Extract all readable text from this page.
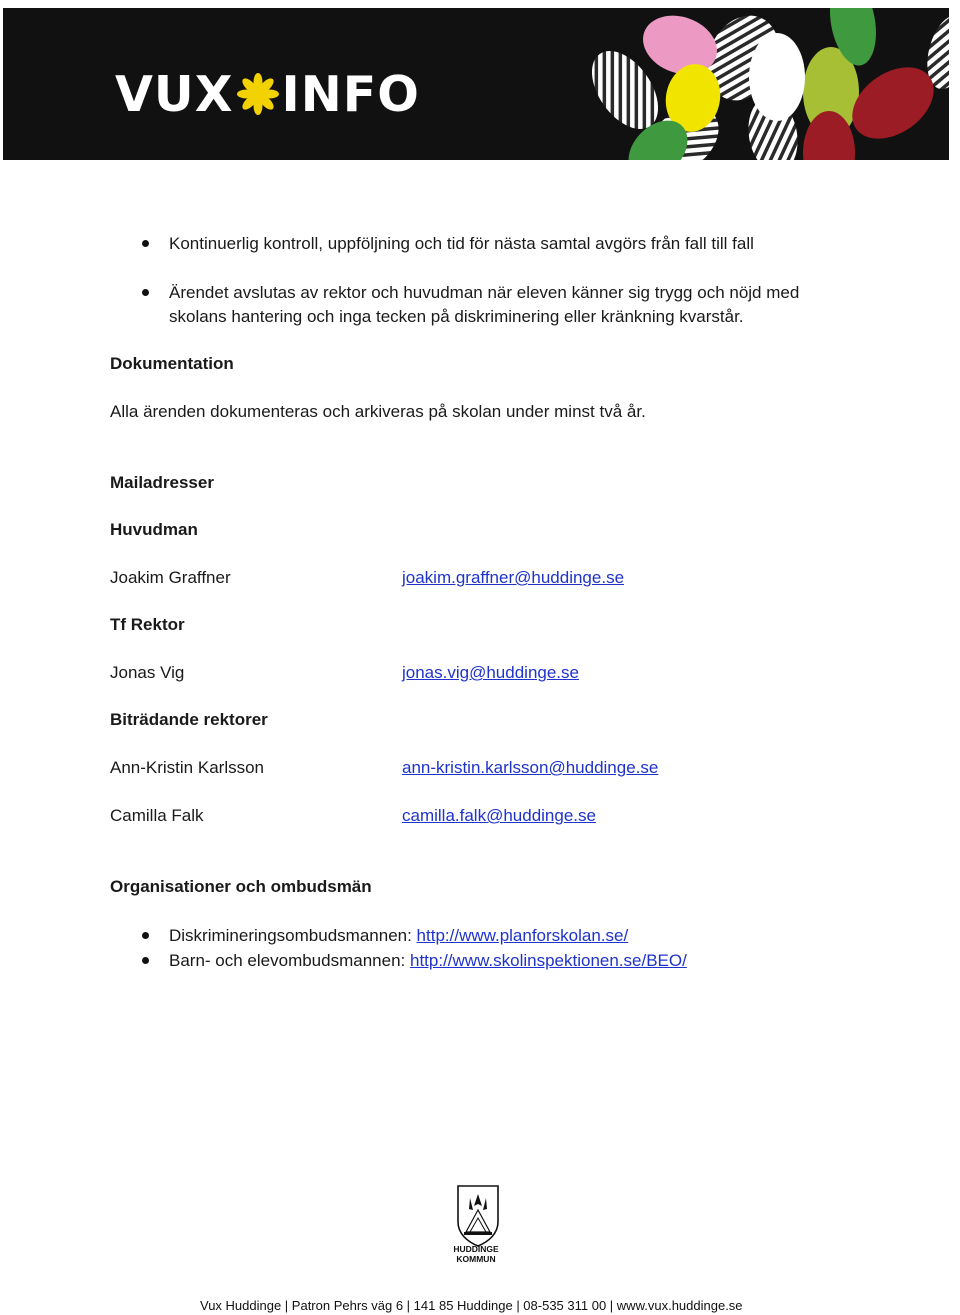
VUX INFO
Kontinuerlig kontroll, uppföljning och tid för nästa samtal avgörs från fall till fall
Ärendet avslutas av rektor och huvudman när eleven känner sig trygg och nöjd med
skolans hantering och inga tecken på diskriminering eller kränkning kvarstår.
Dokumentation
Alla ärenden dokumenteras och arkiveras på skolan under minst två år.
Mailadresser
Huvudman
Joakim Graffner	joakim.graffner@huddinge.se
Tf Rektor
Jonas Vig	jonas.vig@huddinge.se
Biträdande rektorer
Ann-Kristin Karlsson	ann-kristin.karlsson@huddinge.se
Camilla Falk	camilla.falk@huddinge.se
Organisationer och ombudsmän
Diskrimineringsombudsmannen: http://www.planforskolan.se/
Barn- och elevombudsmannen: http://www.skolinspektionen.se/BEO/
HUDDINGE
KOMMUN
Vux Huddinge | Patron Pehrs väg 6 | 141 85 Huddinge | 08-535 311 00 | www.vux.huddinge.se
